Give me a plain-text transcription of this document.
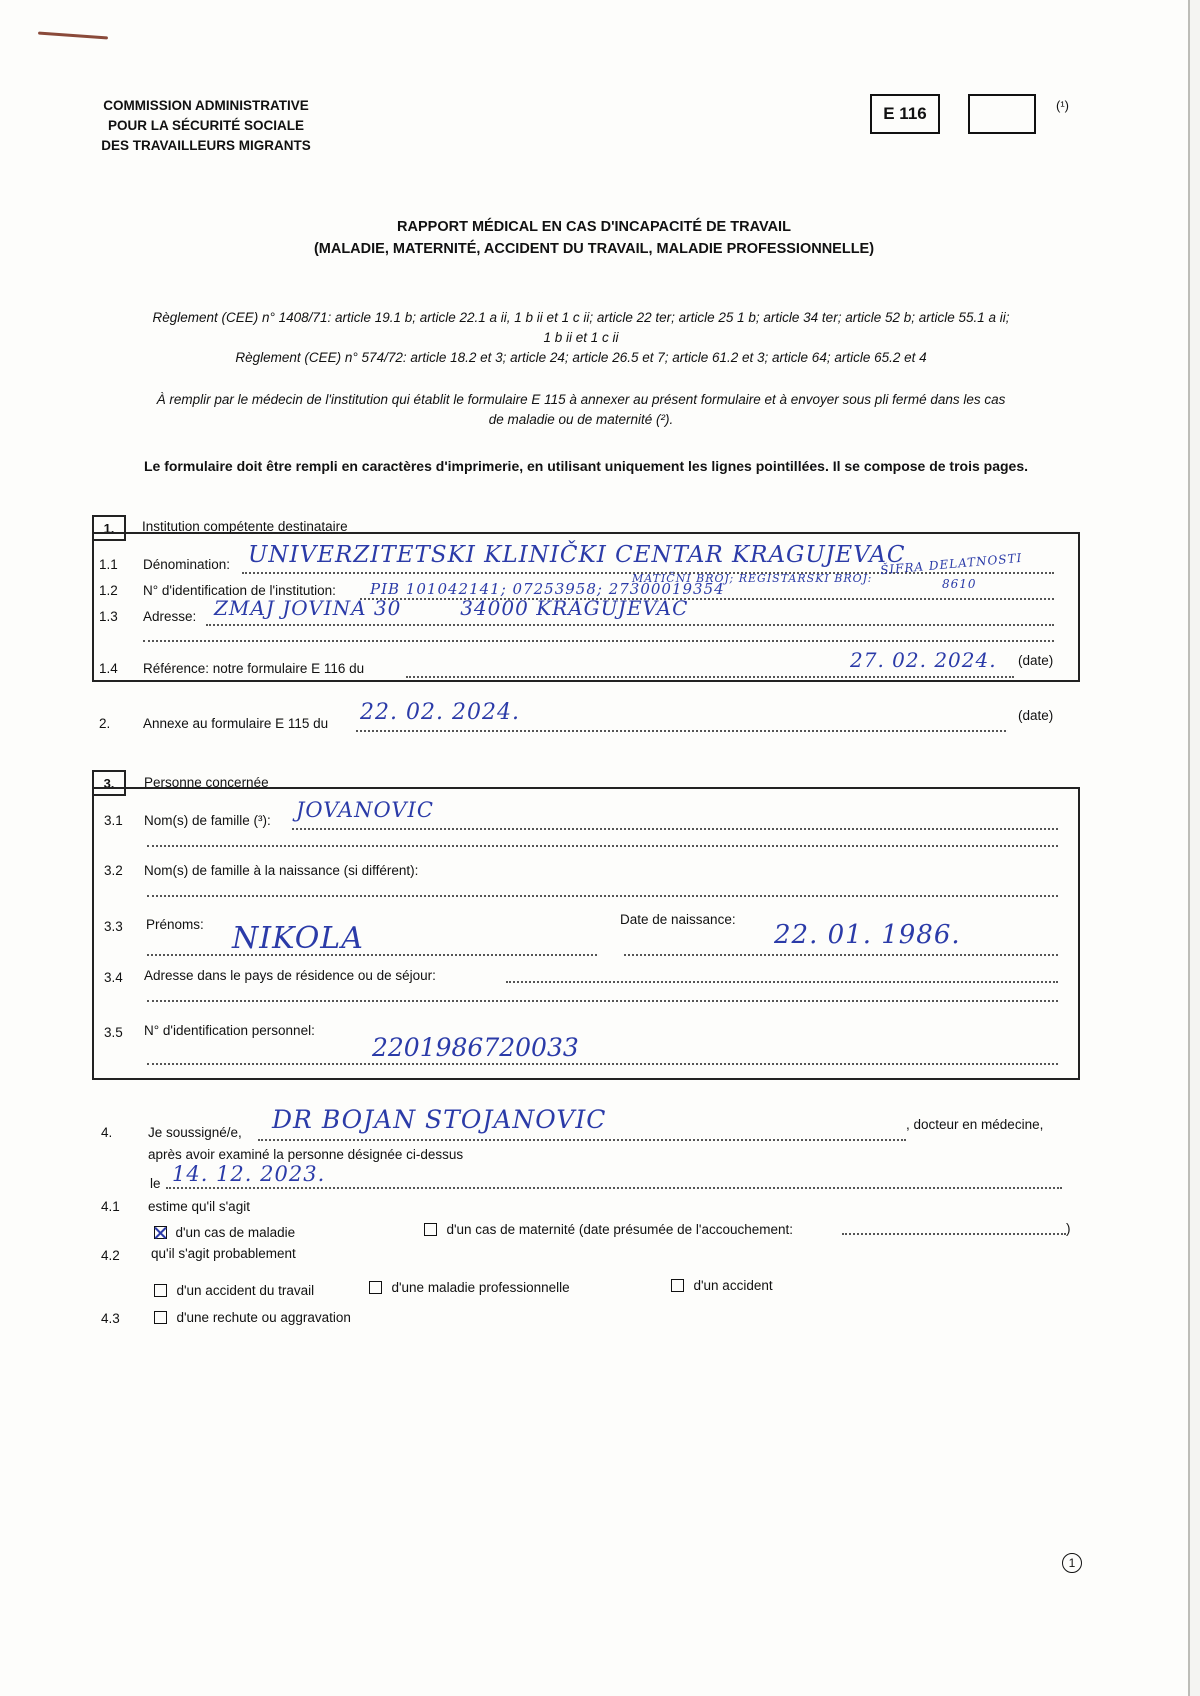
COMMISSION ADMINISTRATIVE
POUR LA SÉCURITÉ SOCIALE
DES TRAVAILLEURS MIGRANTS
E 116	(¹)
RAPPORT MÉDICAL EN CAS D'INCAPACITÉ DE TRAVAIL
(MALADIE, MATERNITÉ, ACCIDENT DU TRAVAIL, MALADIE PROFESSIONNELLE)
Règlement (CEE) n° 1408/71: article 19.1 b; article 22.1 a ii, 1 b ii et 1 c ii; article 22 ter; article 25 1 b; article 34 ter; article 52 b; article 55.1 a ii;
1 b ii et 1 c ii
Règlement (CEE) n° 574/72: article 18.2 et 3; article 24; article 26.5 et 7; article 61.2 et 3; article 64; article 65.2 et 4
À remplir par le médecin de l'institution qui établit le formulaire E 115 à annexer au présent formulaire et à envoyer sous pli fermé dans les cas
de maladie ou de maternité (²).
Le formulaire doit être rempli en caractères d'imprimerie, en utilisant uniquement les lignes pointillées. Il se compose de trois pages.
1.	Institution compétente destinataire
1.1 Dénomination: UNIVERZITETSKI KLINIČKI CENTAR KRAGUJEVAC
ŠIFRA DELATNOSTI
1.2 N° d'identification de l'institution: PIB 101042141; 07253958; 27300019354
MATIČNI BROJ; REGISTARSKI BROJ:	8610
1.3 Adresse: ZMAJ JOVINA 30        34000 KRAGUJEVAC
1.4 Référence: notre formulaire E 116 du	27. 02. 2024. (date)
2. Annexe au formulaire E 115 du 22. 02. 2024.	(date)
3.	Personne concernée
3.1 Nom(s) de famille (³): JOVANOVIC
3.2 Nom(s) de famille à la naissance (si différent):
3.3 Prénoms: NIKOLA
Date de naissance:
22. 01. 1986.
3.4 Adresse dans le pays de résidence ou de séjour:
3.5 N° d'identification personnel:
2201986720033
4.	Je soussigné/e, DR BOJAN STOJANOVIC	, docteur en médecine,
après avoir examiné la personne désignée ci-dessus
le 14. 12. 2023.
4.1 estime qu'il s'agit
d'un cas de maladie	d'un cas de maternité (date présumée de l'accouchement:	)
4.2 qu'il s'agit probablement
d'un accident du travail	d'une maladie professionnelle	d'un accident
4.3	d'une rechute ou aggravation
1
